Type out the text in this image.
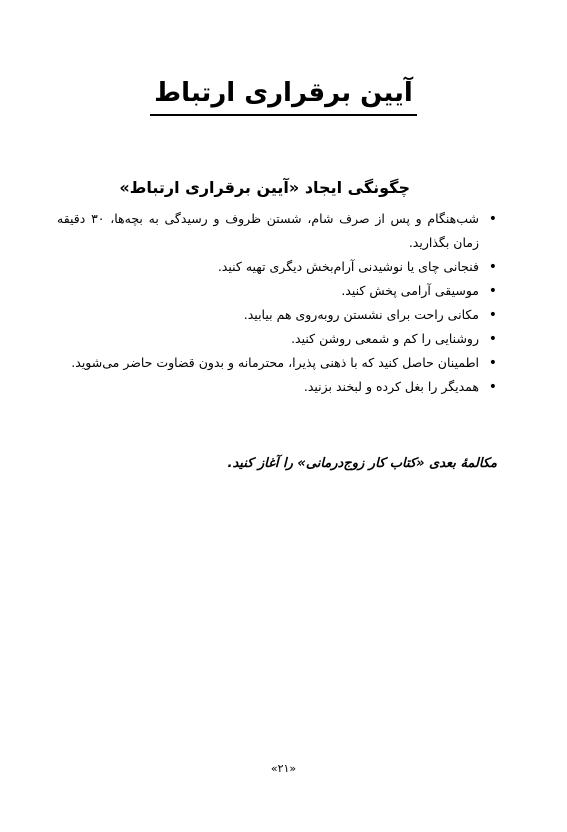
آیین برقراری ارتباط
چگونگی ایجاد «آیین برقراری ارتباط»
• شب‌هنگام و پس از صرف شام، شستن ظروف و رسیدگی به بچه‌ها، ۳۰ دقیقه زمان بگذارید.
• فنجانی چای یا نوشیدنی آرام‌بخش دیگری تهیه کنید.
• موسیقی آرامی پخش کنید.
• مکانی راحت برای نشستن روبه‌روی هم بیابید.
• روشنایی را کم و شمعی روشن کنید.
• اطمینان حاصل کنید که با ذهنی پذیرا، محترمانه و بدون قضاوت حاضر می‌شوید.
• همدیگر را بغل کرده و لبخند بزنید.
مکالمهٔ بعدی «کتاب کار زوج‌درمانی» را آغاز کنید.
«۲۱»
